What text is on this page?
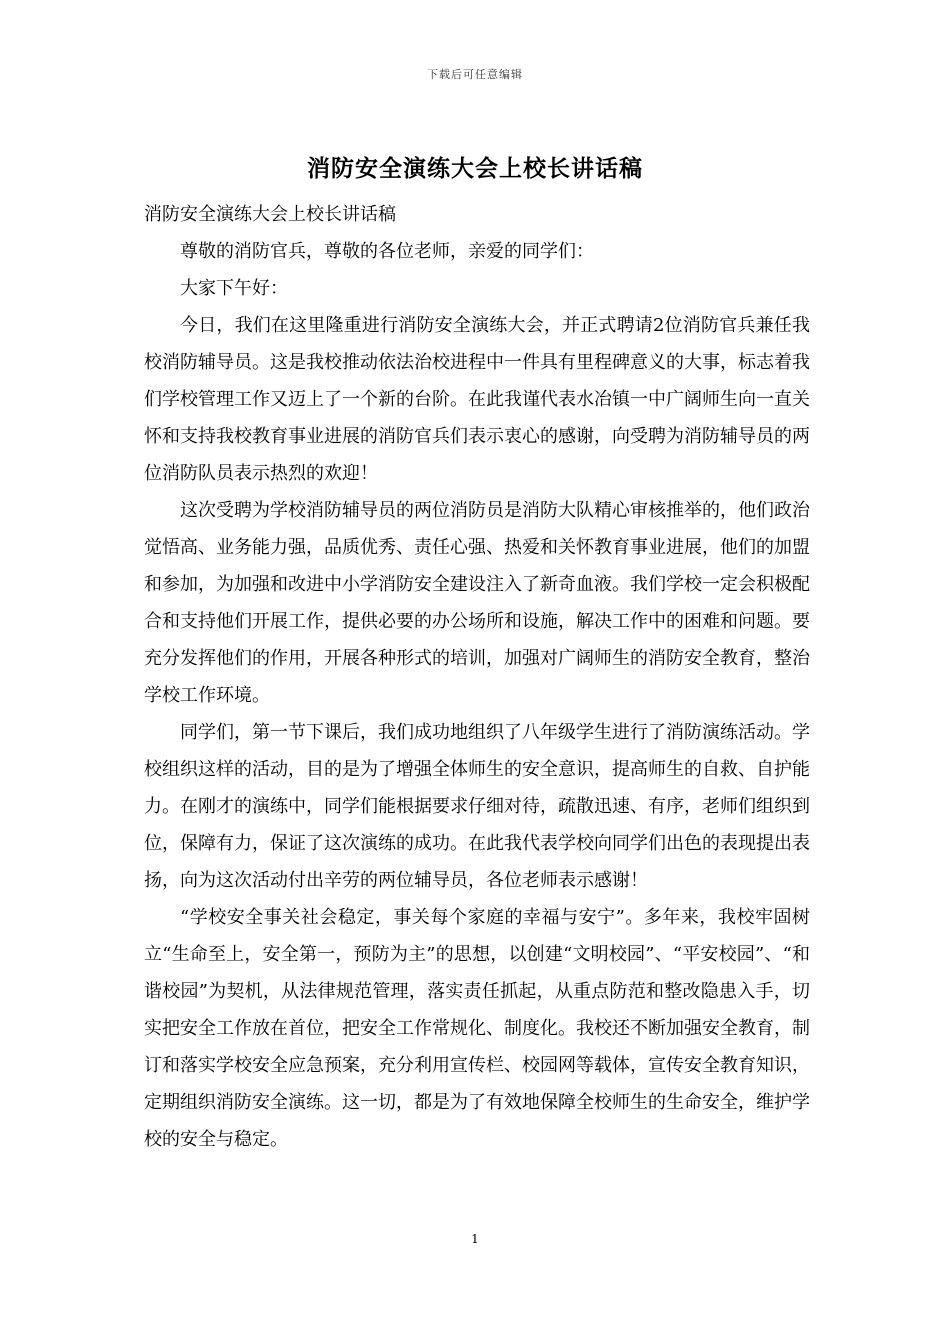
下载后可任意编辑
消防安全演练大会上校长讲话稿

消防安全演练大会上校长讲话稿

尊敬的消防官兵，尊敬的各位老师，亲爱的同学们：

大家下午好：

今日，我们在这里隆重进行消防安全演练大会，并正式聘请2位消防官兵兼任我校消防辅导员。这是我校推动依法治校进程中一件具有里程碑意义的大事，标志着我们学校管理工作又迈上了一个新的台阶。在此我谨代表水冶镇一中广阔师生向一直关怀和支持我校教育事业进展的消防官兵们表示衷心的感谢，向受聘为消防辅导员的两位消防队员表示热烈的欢迎！

这次受聘为学校消防辅导员的两位消防员是消防大队精心审核推举的，他们政治觉悟高、业务能力强，品质优秀、责任心强、热爱和关怀教育事业进展，他们的加盟和参加，为加强和改进中小学消防安全建设注入了新奇血液。我们学校一定会积极配合和支持他们开展工作，提供必要的办公场所和设施，解决工作中的困难和问题。要充分发挥他们的作用，开展各种形式的培训，加强对广阔师生的消防安全教育，整治学校工作环境。

同学们，第一节下课后，我们成功地组织了八年级学生进行了消防演练活动。学校组织这样的活动，目的是为了增强全体师生的安全意识，提高师生的自救、自护能力。在刚才的演练中，同学们能根据要求仔细对待，疏散迅速、有序，老师们组织到位，保障有力，保证了这次演练的成功。在此我代表学校向同学们出色的表现提出表扬，向为这次活动付出辛劳的两位辅导员，各位老师表示感谢！

“学校安全事关社会稳定，事关每个家庭的幸福与安宁”。多年来，我校牢固树立“生命至上，安全第一，预防为主”的思想，以创建“文明校园”、“平安校园”、“和谐校园”为契机，从法律规范管理，落实责任抓起，从重点防范和整改隐患入手，切实把安全工作放在首位，把安全工作常规化、制度化。我校还不断加强安全教育，制订和落实学校安全应急预案，充分利用宣传栏、校园网等载体，宣传安全教育知识，定期组织消防安全演练。这一切，都是为了有效地保障全校师生的生命安全，维护学校的安全与稳定。

1
